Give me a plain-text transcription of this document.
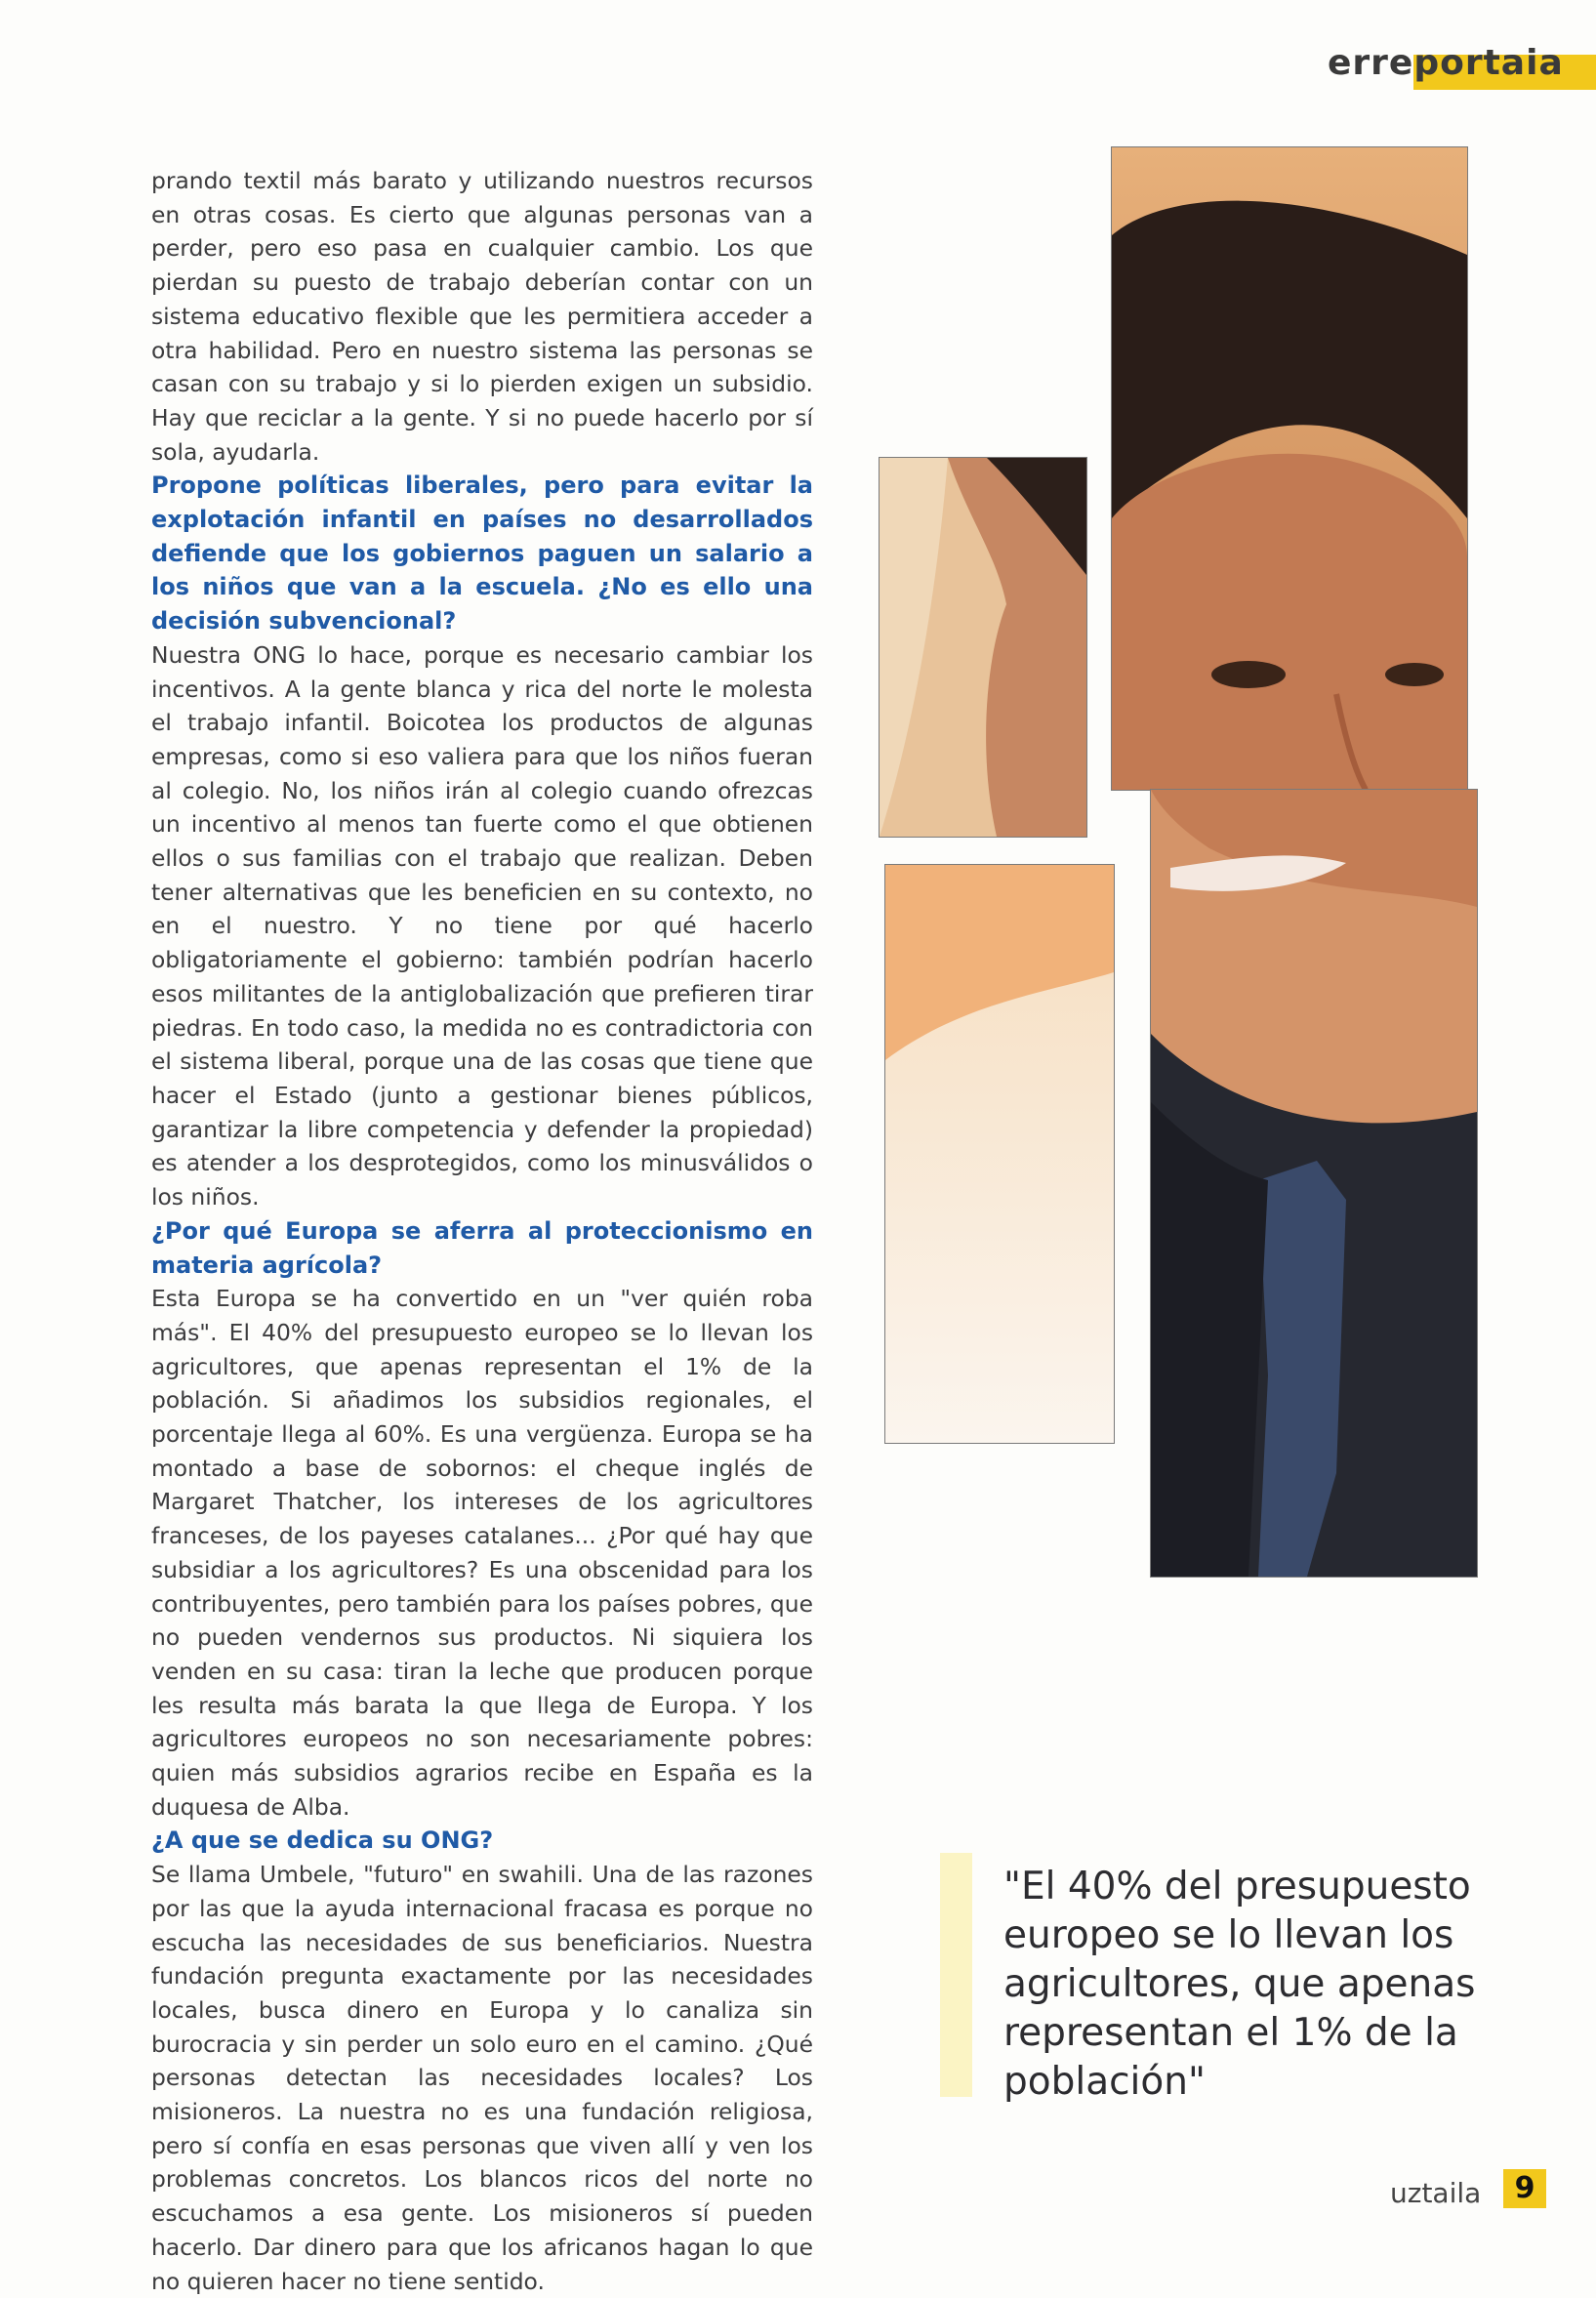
erreportaia

prando textil más barato y utilizando nuestros recursos en otras cosas. Es cierto que algunas personas van a perder, pero eso pasa en cualquier cambio. Los que pierdan su puesto de trabajo deberían contar con un sistema educativo flexible que les permitiera acceder a otra habilidad. Pero en nuestro sistema las personas se casan con su trabajo y si lo pierden exigen un subsidio. Hay que reciclar a la gente. Y si no puede hacerlo por sí sola, ayudarla.

Propone políticas liberales, pero para evitar la explotación infantil en países no desarrollados defiende que los gobiernos paguen un salario a los niños que van a la escuela. ¿No es ello una decisión subvencional?

Nuestra ONG lo hace, porque es necesario cambiar los incentivos. A la gente blanca y rica del norte le molesta el trabajo infantil. Boicotea los productos de algunas empresas, como si eso valiera para que los niños fueran al colegio. No, los niños irán al colegio cuando ofrezcas un incentivo al menos tan fuerte como el que obtienen ellos o sus familias con el trabajo que realizan. Deben tener alternativas que les beneficien en su contexto, no en el nuestro. Y no tiene por qué hacerlo obligatoriamente el gobierno: también podrían hacerlo esos militantes de la antiglobalización que prefieren tirar piedras. En todo caso, la medida no es contradictoria con el sistema liberal, porque una de las cosas que tiene que hacer el Estado (junto a gestionar bienes públicos, garantizar la libre competencia y defender la propiedad) es atender a los desprotegidos, como los minusválidos o los niños.

¿Por qué Europa se aferra al proteccionismo en materia agrícola?

Esta Europa se ha convertido en un "ver quién roba más". El 40% del presupuesto europeo se lo llevan los agricultores, que apenas representan el 1% de la población. Si añadimos los subsidios regionales, el porcentaje llega al 60%. Es una vergüenza. Europa se ha montado a base de sobornos: el cheque inglés de Margaret Thatcher, los intereses de los agricultores franceses, de los payeses catalanes... ¿Por qué hay que subsidiar a los agricultores? Es una obscenidad para los contribuyentes, pero también para los países pobres, que no pueden vendernos sus productos. Ni siquiera los venden en su casa: tiran la leche que producen porque les resulta más barata la que llega de Europa. Y los agricultores europeos no son necesariamente pobres: quien más subsidios agrarios recibe en España es la duquesa de Alba.

¿A que se dedica su ONG?

Se llama Umbele, "futuro" en swahili. Una de las razones por las que la ayuda internacional fracasa es porque no escucha las necesidades de sus beneficiarios. Nuestra fundación pregunta exactamente por las necesidades locales, busca dinero en Europa y lo canaliza sin burocracia y sin perder un solo euro en el camino. ¿Qué personas detectan las necesidades locales? Los misioneros. La nuestra no es una fundación religiosa, pero sí confía en esas personas que viven allí y ven los problemas concretos. Los blancos ricos del norte no escuchamos a esa gente. Los misioneros sí pueden hacerlo. Dar dinero para que los africanos hagan lo que no quieren hacer no tiene sentido.

"El 40% del presupuesto europeo se lo llevan los agricultores, que apenas representan el 1% de la población"
uztaila	9
